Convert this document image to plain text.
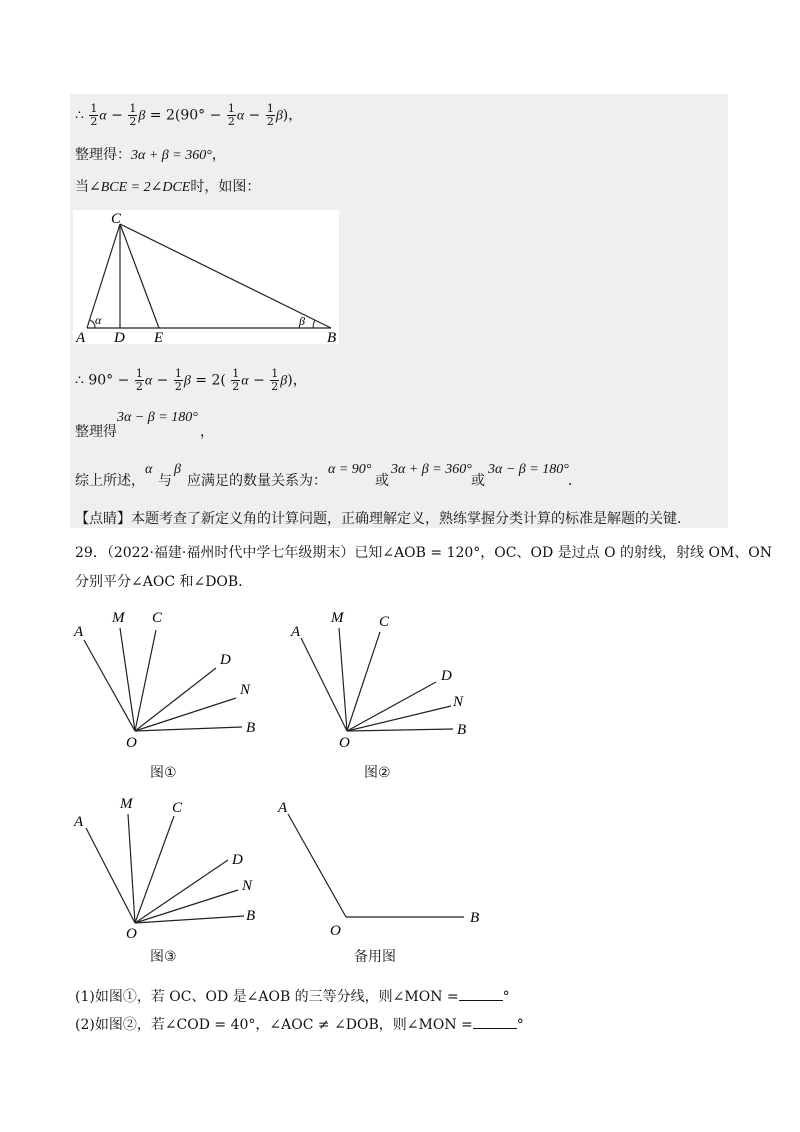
∴ $\frac{1}{2}$ $\alpha - \frac{1}{2}$ $\beta = 2(90^\circ - \frac{1}{2}$ $\alpha - \frac{1}{2} \beta$)，
整理得：3α + β = 360°，
当∠BCE = 2∠DCE时，如图：
C
A D E	B
α	β
∴ $90^\circ - \frac{1}{2}$ $\alpha - \frac{1}{2}$ $\beta = 2( \frac{1}{2}$ $\alpha - \frac{1}{2} \beta$)，
3α − β = 180°
整理得	，
综上所述，
α
与
β
应满足的数量关系为：
α = 90°
或
3α + β = 360°
或
3α − β = 180°
．
【点睛】本题考查了新定义角的计算问题，正确理解定义，熟练掌握分类计算的标准是解题的关键.
29．（2022·福建·福州时代中学七年级期末）已知∠AOB = 120°，OC、OD 是过点 O 的射线，射线 OM、ON
分别平分∠AOC 和∠DOB．
A
M C
D
N
B
O
图①
A
M C
D
N
B
O
图②
A
M	C
D
N
B
O
图③
A
B
O
备用图
(1)如图①，若 OC、OD 是∠AOB 的三等分线，则∠MON =	°
(2)如图②，若∠COD = 40°，∠AOC ≠ ∠DOB，则∠MON =	°
